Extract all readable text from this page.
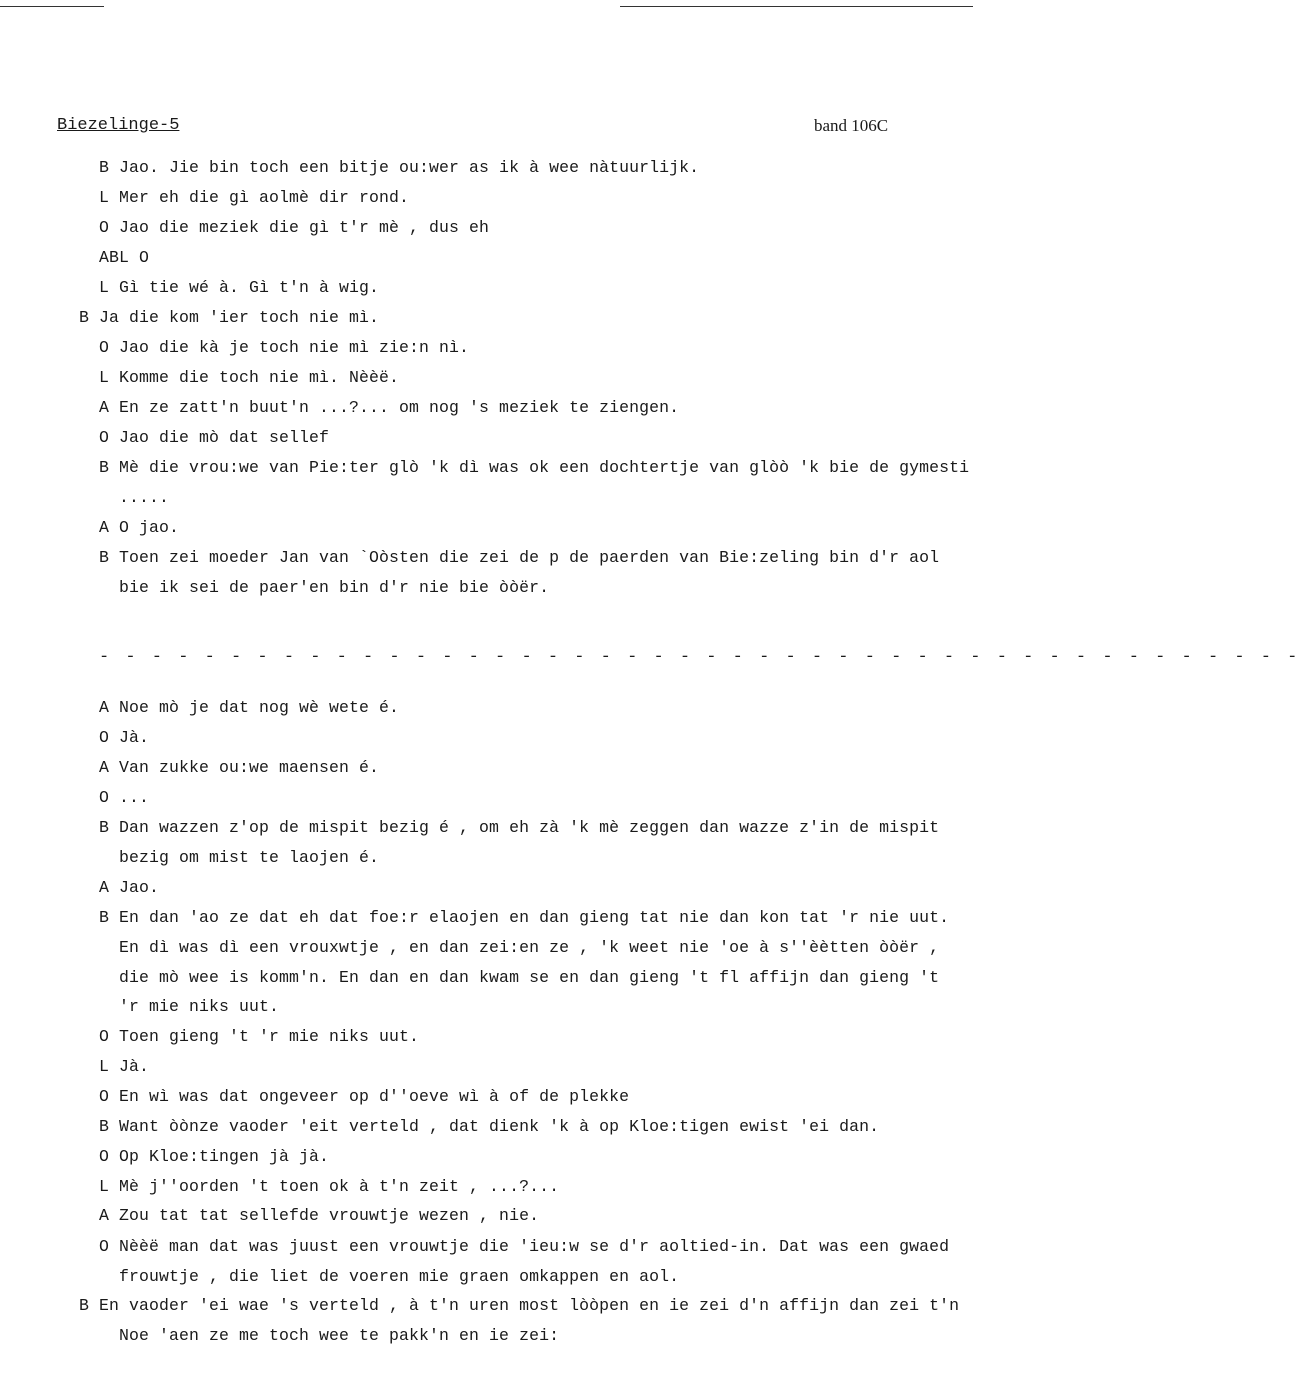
Biezelinge-5	band 106C
B Jao. Jie bin toch een bitje ou:wer as ik à wee nàtuurlijk.
L Mer eh die gì aolmè dir rond.
O Jao die meziek die gì t'r mè , dus eh
ABL O
L Gì tie wé à. Gì t'n à wig.
B Ja die kom 'ier toch nie mì.
O Jao die kà je toch nie mì zie:n nì.
L Komme die toch nie mì. Nèèë.
A En ze zatt'n buut'n ...?... om nog 's meziek te ziengen.
O Jao die mò dat sellef
B Mè die vrou:we van Pie:ter glò 'k dì was ok een dochtertje van glòò 'k bie de gymesti
.....
A O jao.
B Toen zei moeder Jan van `Oòsten die zei de p de paerden van Bie:zeling bin d'r aol
bie ik sei de paer'en bin d'r nie bie òòër.
- - - - - - - - - - - - - - - - - - - - - - - - - - - - - - - - - - - - - - - - - - - - - -
A Noe mò je dat nog wè wete é.
O Jà.
A Van zukke ou:we maensen é.
O ...
B Dan wazzen z'op de mispit bezig é , om eh zà 'k mè zeggen dan wazze z'in de mispit
bezig om mist te laojen é.
A Jao.
B En dan 'ao ze dat eh dat foe:r elaojen en dan gieng tat nie dan kon tat 'r nie uut.
En dì was dì een vrouxwtje , en dan zei:en ze , 'k weet nie 'oe à s''èètten òòër ,
die mò wee is komm'n. En dan en dan kwam se en dan gieng 't fl affijn dan gieng 't
'r mie niks uut.
O Toen gieng 't 'r mie niks uut.
L Jà.
O En wì was dat ongeveer op d''oeve wì à of de plekke
B Want òònze vaoder 'eit verteld , dat dienk 'k à op Kloe:tigen ewist 'ei dan.
O Op Kloe:tingen jà jà.
L Mè j''oorden 't toen ok à t'n zeit , ...?...
A Zou tat tat sellefde vrouwtje wezen , nie.
O Nèèë man dat was juust een vrouwtje die 'ieu:w se d'r aoltied-in. Dat was een gwaed
frouwtje , die liet de voeren mie graen omkappen en aol.
B En vaoder 'ei wae 's verteld , à t'n uren most lòòpen en ie zei d'n affijn dan zei t'n
Noe 'aen ze me toch wee te pakk'n en ie zei:
